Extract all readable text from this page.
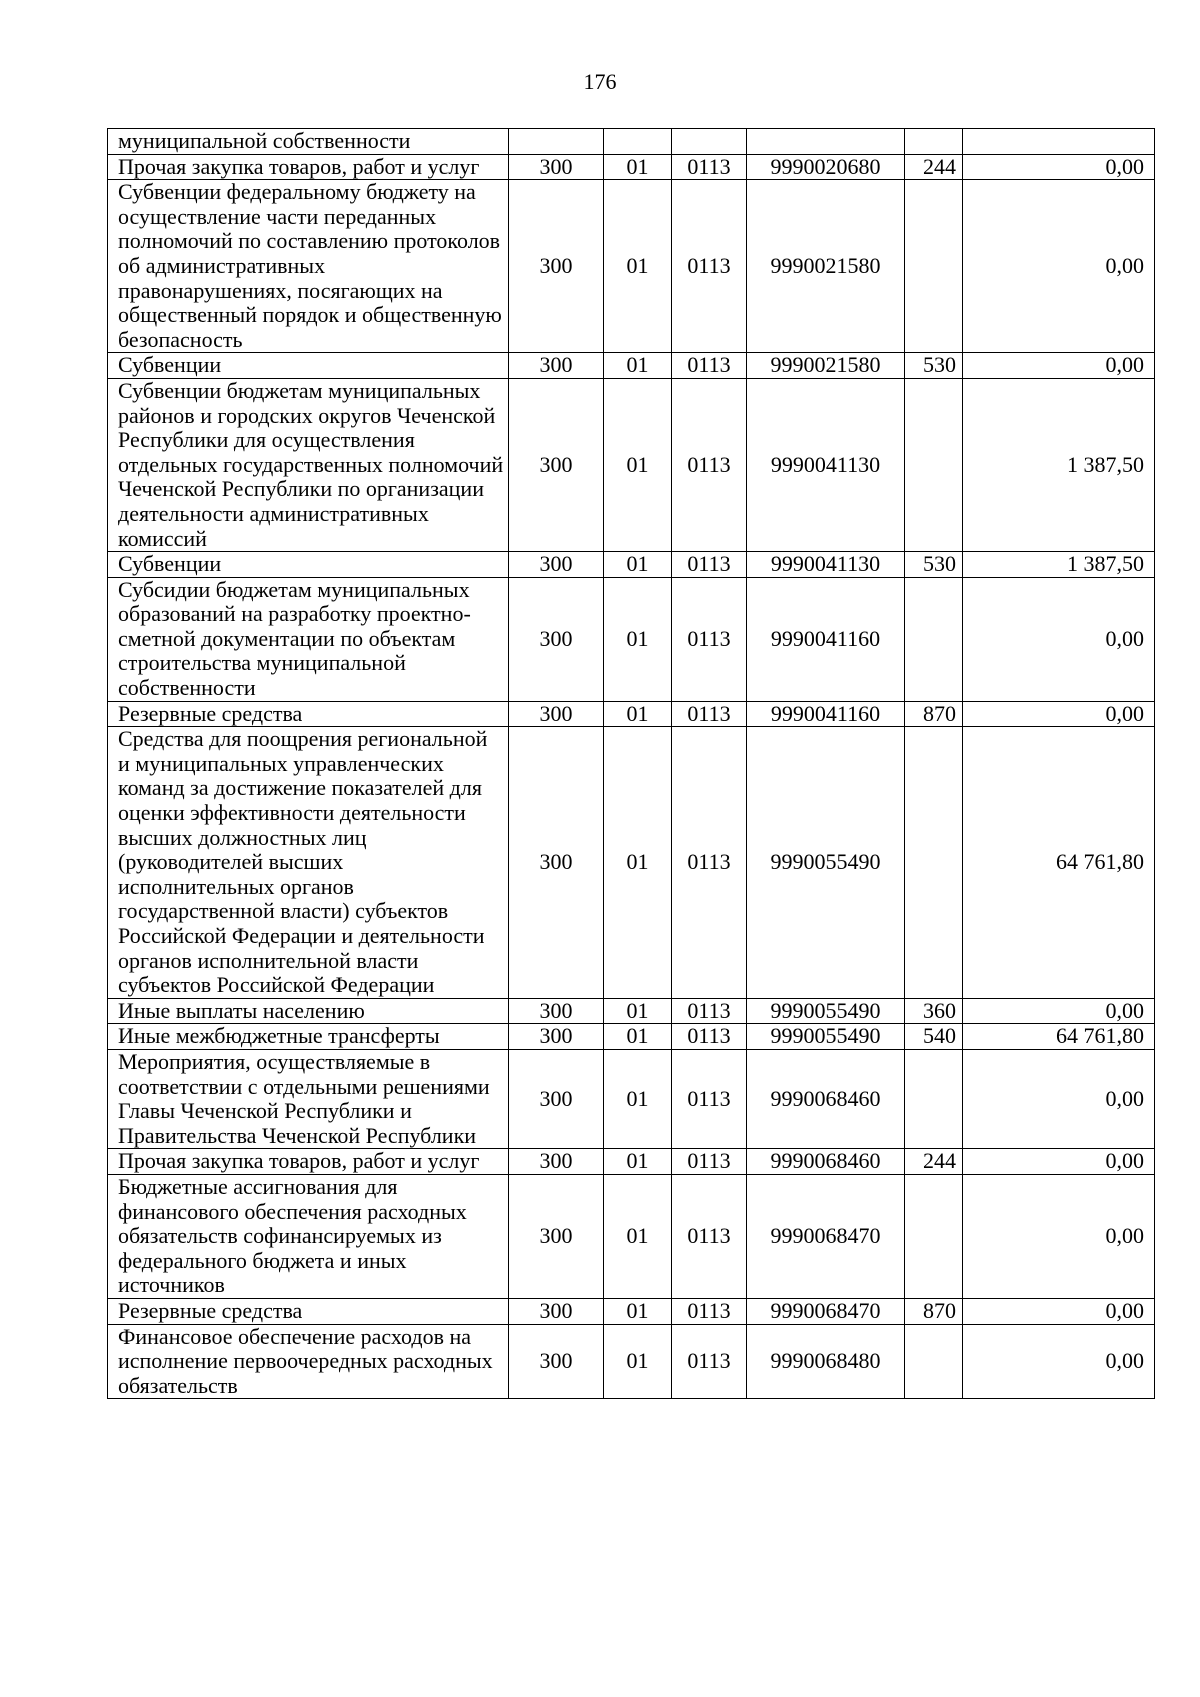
176
муниципальной собственности						
Прочая закупка товаров, работ и услуг	300	01	0113	9990020680	244	0,00
Субвенции федеральному бюджету на осуществление части переданных полномочий по составлению протоколов об административных правонарушениях, посягающих на общественный порядок и общественную безопасность	300	01	0113	9990021580		0,00
Субвенции	300	01	0113	9990021580	530	0,00
Субвенции бюджетам муниципальных районов и городских округов Чеченской Республики для осуществления отдельных государственных полномочий Чеченской Республики по организации деятельности административных комиссий	300	01	0113	9990041130		1 387,50
Субвенции	300	01	0113	9990041130	530	1 387,50
Субсидии бюджетам муниципальных образований на разработку проектно-сметной документации по объектам строительства муниципальной собственности	300	01	0113	9990041160		0,00
Резервные средства	300	01	0113	9990041160	870	0,00
Средства для поощрения региональной и муниципальных управленческих команд за достижение показателей для оценки эффективности деятельности высших должностных лиц (руководителей высших исполнительных органов государственной власти) субъектов Российской Федерации и деятельности органов исполнительной власти субъектов Российской Федерации	300	01	0113	9990055490		64 761,80
Иные выплаты населению	300	01	0113	9990055490	360	0,00
Иные межбюджетные трансферты	300	01	0113	9990055490	540	64 761,80
Мероприятия, осуществляемые в соответствии с отдельными решениями Главы Чеченской Республики и Правительства Чеченской Республики	300	01	0113	9990068460		0,00
Прочая закупка товаров, работ и услуг	300	01	0113	9990068460	244	0,00
Бюджетные ассигнования для финансового обеспечения расходных обязательств софинансируемых из федерального бюджета и иных источников	300	01	0113	9990068470		0,00
Резервные средства	300	01	0113	9990068470	870	0,00
Финансовое обеспечение расходов на исполнение первоочередных расходных обязательств	300	01	0113	9990068480		0,00
